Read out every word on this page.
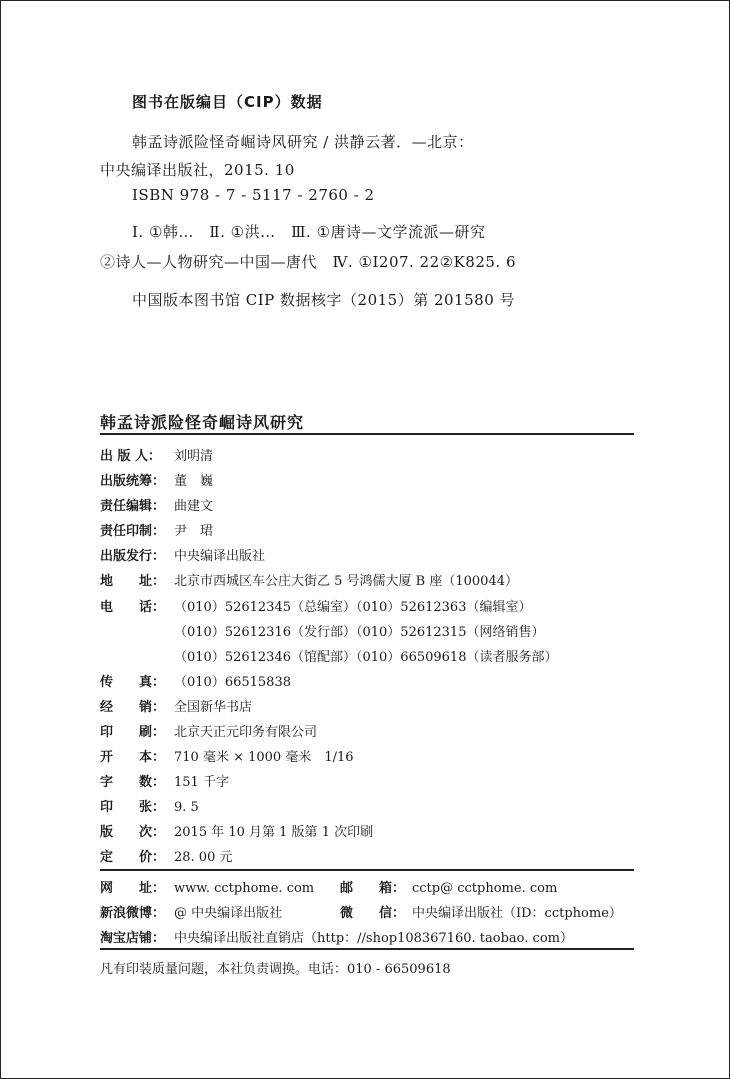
图书在版编目（CIP）数据
韩孟诗派险怪奇崛诗风研究 / 洪静云著．—北京：
中央编译出版社，2015. 10
ISBN 978 - 7 - 5117 - 2760 - 2
Ⅰ. ①韩…　Ⅱ. ①洪…　Ⅲ. ①唐诗—文学流派—研究
②诗人—人物研究—中国—唐代　Ⅳ. ①I207. 22②K825. 6
中国版本图书馆 CIP 数据核字（2015）第 201580 号
韩孟诗派险怪奇崛诗风研究
出 版 人： 刘明清
出版统筹： 董　巍
责任编辑： 曲建文
责任印制： 尹　珺
出版发行： 中央编译出版社
地　　址： 北京市西城区车公庄大街乙 5 号鸿儒大厦 B 座（100044）
电　　话： （010）52612345（总编室）（010）52612363（编辑室）
（010）52612316（发行部）（010）52612315（网络销售）
（010）52612346（馆配部）（010）66509618（读者服务部）
传　　真： （010）66515838
经　　销： 全国新华书店
印　　刷： 北京天正元印务有限公司
开　　本： 710 毫米 × 1000 毫米　1/16
字　　数： 151 千字
印　　张： 9. 5
版　　次： 2015 年 10 月第 1 版第 1 次印刷
定　　价： 28. 00 元
网　　址： www. cctphome. com 邮　　箱： cctp@ cctphome. com
新浪微博： @ 中央编译出版社	微　　信： 中央编译出版社（ID：cctphome）
淘宝店铺： 中央编译出版社直销店（http：//shop108367160. taobao. com）
凡有印装质量问题，本社负责调换。电话：010 - 66509618
